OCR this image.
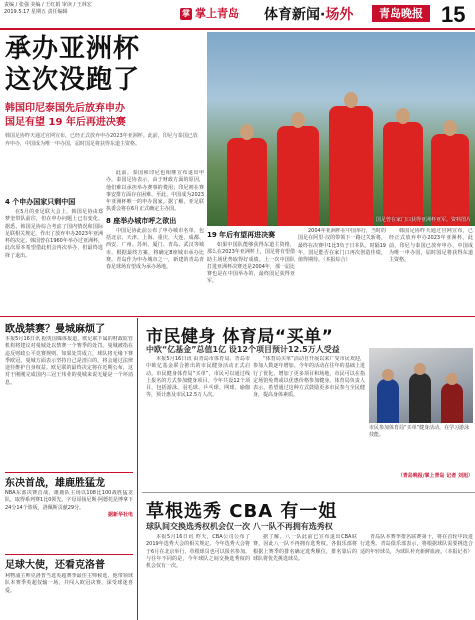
责编 / 张强 美编 / 王红娟 审读 / 王林宏
2019.5.17 星期五 责任编辑	掌 掌上青岛 体育新闻·场外	青岛晚报 15
承办亚洲杯
这次没跑了
韩国印尼泰国先后放弃申办
国足有望 19 年后再进决赛
韩国足协昨天通过官网宣布，已经正式放弃申办2023年亚洲杯。此前，印尼与泰国已放弃申办，中国成为唯一申办国，届时国足将获得东道主资格。
国足曾在家门口获得亚洲杯亚军。资料图片
4 个申办国家只剩中国

在5月的亚足联大会上，韩国足协由郑梦奎带队前往，但在申办问题上已有变化。据悉，韩国足协综合考虑了国内情况和国际足联相关规定，作出了放弃申办2023年亚洲杯的决定。韩国曾在1960年举办过亚洲杯，此次原本希望借此机会再次举办，但最终选择了退出。

此前，泰国和印尼也相继宣布退出申办。泰国足协表示，由于财政方面的原因，他们难以承担举办赛事的费用；印尼则在赛事安排方面存在困难。至此，中国成为2023年亚洲杯唯一的申办国家。据了解，亚足联执委会将在6月正式确定主办国。

8 座举办城市呼之欲出

中国足协此前公布了申办城市名单，包括北京、天津、上海、重庆、大连、成都、西安、广州、苏州、厦门、青岛、武汉等城市。根据最终方案，将确定8座城市承办比赛。青岛作为申办城市之一，新建的青岛青春足球场有望成为承办场地。

19 年后有望再进决赛

如果中国队能够获得东道主资格，那么在2023年亚洲杯上，国足将有望借助主场优势取得好成绩。上一次中国队打进亚洲杯决赛还是2004年，那一届比赛也是在中国举办的，最终国足获得亚军。

2004年亚洲杯在中国举行，当时的国足在阿里·汉的带领下一路过关斩将，最终在决赛中1比3负于日本队。时隔19年，国足能否在家门口再次创造佳绩，值得期待。（本报综合）

韩国足协昨天通过官网宣布，已经正式放弃申办2023年亚洲杯。此前，印尼与泰国已放弃申办，中国成为唯一申办国，届时国足将获得东道主资格。

欧战禁赛？曼城麻烦了

本报5月16日讯 据英国媒体报道，欧足联下属的财政监管机构将建议对曼城处以禁赛一个赛季的处罚。曼城被指在违反财政公平竞赛规则，如果处罚成立，球队将无缘下赛季欧冠。曼城方面表示坚持自己是清白的，将会通过法律途径维护自身权益。欧足联的最终决定将在近期公布，这对于刚刚完成国内三冠王伟业的曼城来说无疑是一个坏消息。

东决首战，雄鹿胜猛龙

NBA东部决赛首战，雄鹿队主场以108比100战胜猛龙队，取得系列赛1比0领先。字母哥扬尼斯·阿德托昆博拿下24分14个篮板，洛佩斯贡献29分。

据新华社电
足球大使，还看克洛普

利物浦主帅克洛普当选英超赛季最佳主帅候选，他带领球队本赛季英超仅输一场，并闯入欧冠决赛，深受球迷喜爱。

市民健身 体育局“买单”
中欧“亿基金”总值1亿 设12个项目预计12.5万人受益

本报5月16日讯 由青岛市体育局、青岛市中欧亿基金联合推出的市民健身活动正式启动。市民健身体育局“买单”，市民可以通过线上报名的方式参加健身项目。今年共设12个项目，包括游泳、羽毛球、乒乓球、网球、瑜伽等，预计惠及市民12.5万人次。

“体育局买单”活动自开展以来广受市民欢迎，参加人数逐年增加。今年的活动在往年的基础上进行了优化，增加了更多项目和场地，市民可以在指定场馆免费或以优惠价格参加健身。体育局负责人表示，希望通过这种方式鼓励更多市民参与全民健身，提高身体素质。

市民参加体育局“买单”健身活动，在学习游泳技能。
（青岛晚报/掌上青岛 记者 刘旭）
草根选秀 CBA 有一姐
球队间交换选秀权机会仅一次 八一队不再拥有选秀权

本报5月16日讯 昨天，CBA公司公布了2019年选秀大会的相关规定。今年选秀大会将于6月在北京举行，草根球员也可以报名参加。与往年不同的是，今年球队之间交换选秀权的机会仅有一次。

据了解，八一队此前已宣布退出CBA联赛，因此八一队不再拥有选秀权。各俱乐部将根据上赛季的排名确定选秀顺位，排名靠后的球队将优先挑选球员。

青岛队本赛季排名联赛第十，将在首轮中段进行选秀。青岛俱乐部表示，将根据球队需要挑选合适的年轻球员，为球队补充新鲜血液。（本报记者）
